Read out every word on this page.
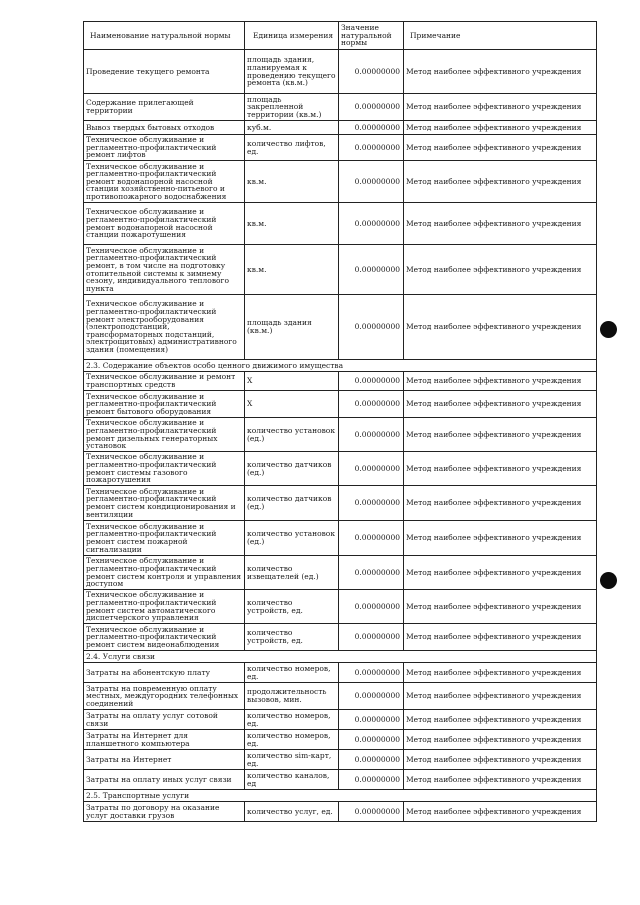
Наименование натуральной нормы	Единица измерения	Значение натуральной нормы	Примечание
Проведение текущего ремонта	площадь здания, планируемая к проведению текущего ремонта (кв.м.)	0.00000000	Метод наиболее эффективного учреждения
Содержание прилегающей территории	площадь закрепленной территории (кв.м.)	0.00000000	Метод наиболее эффективного учреждения
Вывоз твердых бытовых отходов	куб.м.	0.00000000	Метод наиболее эффективного учреждения
Техническое обслуживание и регламентно-профилактический ремонт лифтов	количество лифтов, ед.	0.00000000	Метод наиболее эффективного учреждения
Техническое обслуживание и регламентно-профилактический ремонт водонапорной насосной станции хозяйственно-питьевого и противопожарного водоснабжения	кв.м.	0.00000000	Метод наиболее эффективного учреждения
Техническое обслуживание и регламентно-профилактический ремонт водонапорной насосной станции пожаротушения	кв.м.	0.00000000	Метод наиболее эффективного учреждения
Техническое обслуживание и регламентно-профилактический ремонт, в том числе на подготовку отопительной системы к зимнему сезону, индивидуального теплового пункта	кв.м.	0.00000000	Метод наиболее эффективного учреждения
Техническое обслуживание и регламентно-профилактический ремонт электрооборудования (электроподстанций, трансформаторных подстанций, электрощитовых) административного здания (помещения)	площадь здания (кв.м.)	0.00000000	Метод наиболее эффективного учреждения
2.3. Содержание объектов особо ценного движимого имущества			
Техническое обслуживание и ремонт транспортных средств	X	0.00000000	Метод наиболее эффективного учреждения
Техническое обслуживание и регламентно-профилактический ремонт бытового оборудования	X	0.00000000	Метод наиболее эффективного учреждения
Техническое обслуживание и регламентно-профилактический ремонт дизельных генераторных установок	количество установок (ед.)	0.00000000	Метод наиболее эффективного учреждения
Техническое обслуживание и регламентно-профилактический ремонт системы газового пожаротушения	количество датчиков (ед.)	0.00000000	Метод наиболее эффективного учреждения
Техническое обслуживание и регламентно-профилактический ремонт систем кондиционирования и вентиляции	количество датчиков (ед.)	0.00000000	Метод наиболее эффективного учреждения
Техническое обслуживание и регламентно-профилактический ремонт систем пожарной сигнализации	количество установок (ед.)	0.00000000	Метод наиболее эффективного учреждения
Техническое обслуживание и регламентно-профилактический ремонт систем контроля и управления доступом	количество извещателей (ед.)	0.00000000	Метод наиболее эффективного учреждения
Техническое обслуживание и регламентно-профилактический ремонт систем автоматического диспетчерского управления	количество устройств, ед.	0.00000000	Метод наиболее эффективного учреждения
Техническое обслуживание и регламентно-профилактический ремонт систем видеонаблюдения	количество устройств, ед.	0.00000000	Метод наиболее эффективного учреждения
2.4. Услуги связи			
Затраты на абонентскую плату	количество номеров, ед.	0.00000000	Метод наиболее эффективного учреждения
Затраты на повременную оплату местных, междугородних телефонных соединений	продолжительность вызовов, мин.	0.00000000	Метод наиболее эффективного учреждения
Затраты на оплату услуг сотовой связи	количество номеров, ед.	0.00000000	Метод наиболее эффективного учреждения
Затраты на Интернет для планшетного компьютера	количество номеров, ед.	0.00000000	Метод наиболее эффективного учреждения
Затраты на Интернет	количество sim-карт, ед.	0.00000000	Метод наиболее эффективного учреждения
Затраты на оплату иных услуг связи	количество каналов, ед	0.00000000	Метод наиболее эффективного учреждения
2.5. Транспортные услуги			
Затраты по договору на оказание услуг доставки грузов	количество услуг, ед.	0.00000000	Метод наиболее эффективного учреждения
